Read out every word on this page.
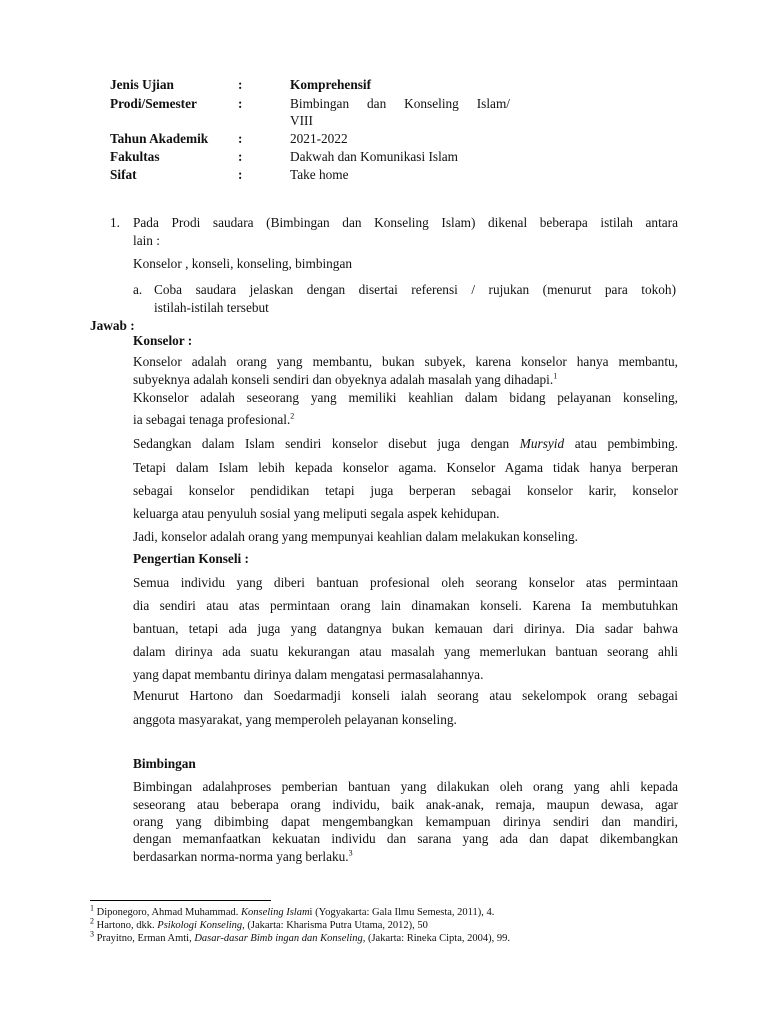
Jenis Ujian	:	Komprehensif
Prodi/Semester	:	Bimbingan dan Konseling Islam/
VIII
Tahun Akademik :	2021-2022
Fakultas	:	Dakwah dan Komunikasi Islam
Sifat	:	Take home
1. Pada Prodi saudara (Bimbingan dan Konseling Islam) dikenal beberapa istilah antara
lain :
Konselor , konseli, konseling, bimbingan
a. Coba saudara jelaskan dengan disertai referensi / rujukan (menurut para tokoh)
istilah-istilah tersebut
Jawab :
Konselor :
Konselor adalah orang yang membantu, bukan subyek, karena konselor hanya membantu,
subyeknya adalah konseli sendiri dan obyeknya adalah masalah yang dihadapi.$^1$
Kkonselor adalah seseorang yang memiliki keahlian dalam bidang pelayanan konseling,
ia sebagai tenaga profesional.$^2$
Sedangkan dalam Islam sendiri konselor disebut juga dengan Mursyid atau pembimbing.
Tetapi dalam Islam lebih kepada konselor agama. Konselor Agama tidak hanya berperan
sebagai konselor pendidikan tetapi juga berperan sebagai konselor karir, konselor
keluarga atau penyuluh sosial yang meliputi segala aspek kehidupan.
Jadi, konselor adalah orang yang mempunyai keahlian dalam melakukan konseling.
Pengertian Konseli :
Semua individu yang diberi bantuan profesional oleh seorang konselor atas permintaan
dia sendiri atau atas permintaan orang lain dinamakan konseli. Karena Ia membutuhkan
bantuan, tetapi ada juga yang datangnya bukan kemauan dari dirinya. Dia sadar bahwa
dalam dirinya ada suatu kekurangan atau masalah yang memerlukan bantuan seorang ahli
yang dapat membantu dirinya dalam mengatasi permasalahannya.
Menurut Hartono dan Soedarmadji konseli ialah seorang atau sekelompok orang sebagai
anggota masyarakat, yang memperoleh pelayanan konseling.
Bimbingan
Bimbingan adalahproses pemberian bantuan yang dilakukan oleh orang yang ahli kepada
seseorang atau beberapa orang individu, baik anak-anak, remaja, maupun dewasa, agar
orang yang dibimbing dapat mengembangkan kemampuan dirinya sendiri dan mandiri,
dengan memanfaatkan kekuatan individu dan sarana yang ada dan dapat dikembangkan
berdasarkan norma-norma yang berlaku.$^3$
$^1$ Diponegoro, Ahmad Muhammad. Konseling Islami (Yogyakarta: Gala Ilmu Semesta, 2011), 4.
$^2$ Hartono, dkk. Psikologi Konseling, (Jakarta: Kharisma Putra Utama, 2012), 50
$^3$ Prayitno, Erman Amti, Dasar-dasar Bimb ingan dan Konseling, (Jakarta: Rineka Cipta, 2004), 99.
